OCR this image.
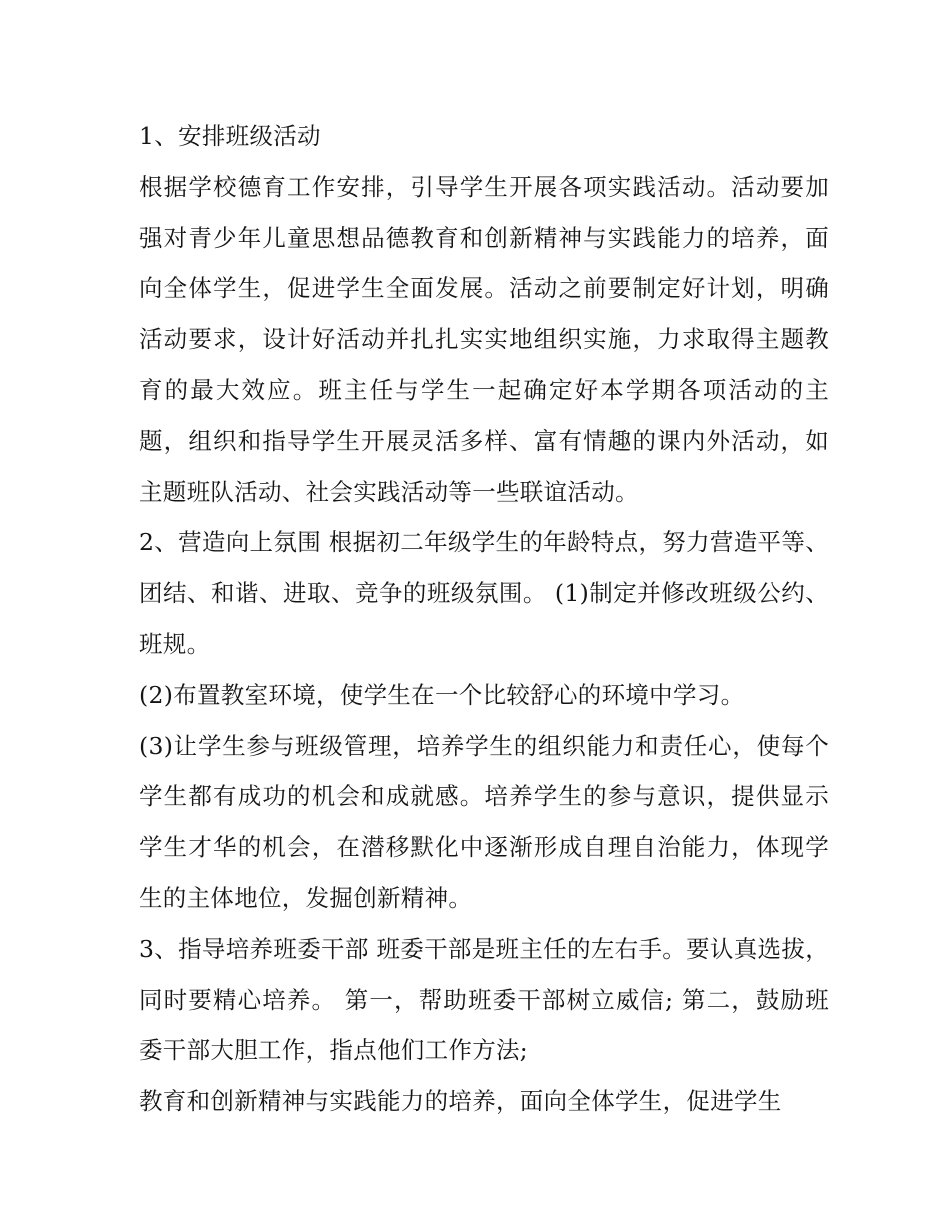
1、安排班级活动

根据学校德育工作安排，引导学生开展各项实践活动。活动要加强对青少年儿童思想品德教育和创新精神与实践能力的培养，面向全体学生，促进学生全面发展。活动之前要制定好计划，明确活动要求，设计好活动并扎扎实实地组织实施，力求取得主题教育的最大效应。班主任与学生一起确定好本学期各项活动的主题，组织和指导学生开展灵活多样、富有情趣的课内外活动，如主题班队活动、社会实践活动等一些联谊活动。

2、营造向上氛围 根据初二年级学生的年龄特点，努力营造平等、团结、和谐、进取、竞争的班级氛围。 (1)制定并修改班级公约、班规。

(2)布置教室环境，使学生在一个比较舒心的环境中学习。

(3)让学生参与班级管理，培养学生的组织能力和责任心，使每个学生都有成功的机会和成就感。培养学生的参与意识，提供显示学生才华的机会，在潜移默化中逐渐形成自理自治能力，体现学生的主体地位，发掘创新精神。

3、指导培养班委干部 班委干部是班主任的左右手。要认真选拔，同时要精心培养。 第一，帮助班委干部树立威信; 第二，鼓励班委干部大胆工作，指点他们工作方法;

教育和创新精神与实践能力的培养，面向全体学生，促进学生
